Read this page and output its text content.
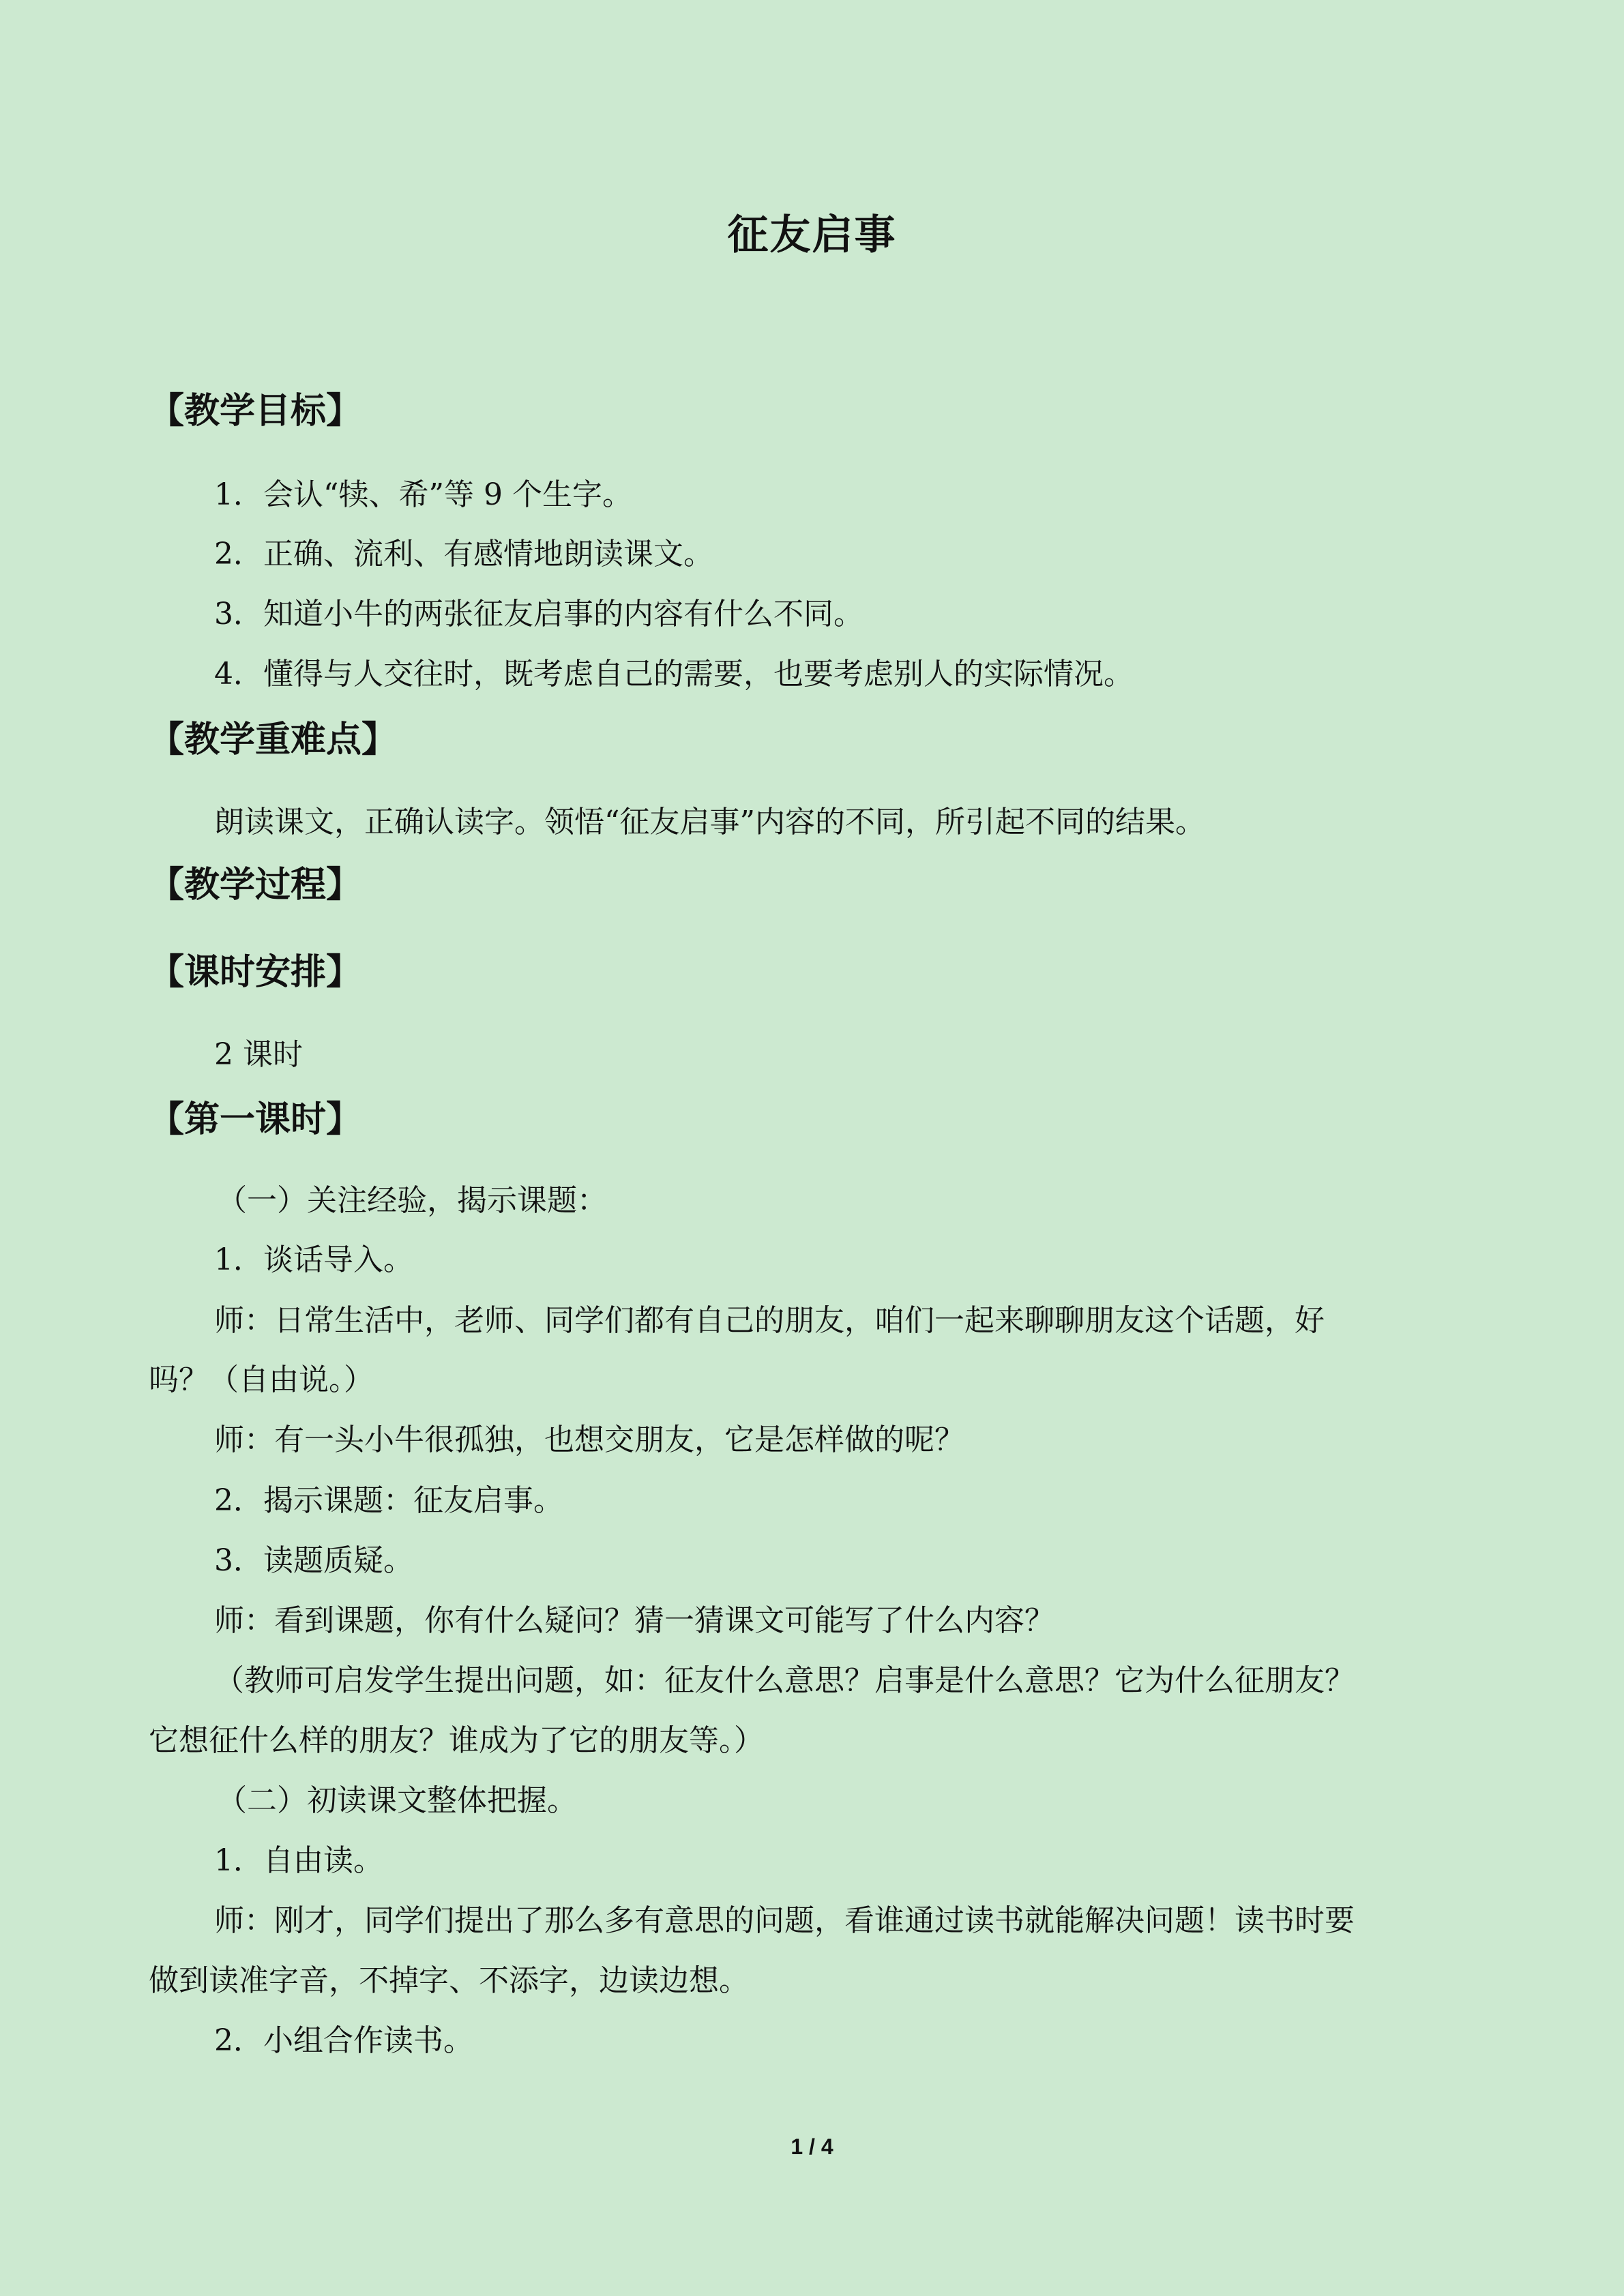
征友启事
【教学目标】
1．会认“犊、希”等 9 个生字。
2．正确、流利、有感情地朗读课文。
3．知道小牛的两张征友启事的内容有什么不同。
4．懂得与人交往时，既考虑自己的需要，也要考虑别人的实际情况。
【教学重难点】
朗读课文，正确认读字。领悟“征友启事”内容的不同，所引起不同的结果。
【教学过程】
【课时安排】
2 课时
【第一课时】
（一）关注经验，揭示课题：
1．谈话导入。
师：日常生活中，老师、同学们都有自己的朋友，咱们一起来聊聊朋友这个话题，好
吗？（自由说。）
师：有一头小牛很孤独，也想交朋友，它是怎样做的呢？
2．揭示课题：征友启事。
3．读题质疑。
师：看到课题，你有什么疑问？猜一猜课文可能写了什么内容？
（教师可启发学生提出问题，如：征友什么意思？启事是什么意思？它为什么征朋友？
它想征什么样的朋友？谁成为了它的朋友等。）
（二）初读课文整体把握。
1．自由读。
师：刚才，同学们提出了那么多有意思的问题，看谁通过读书就能解决问题！读书时要
做到读准字音，不掉字、不添字，边读边想。
2．小组合作读书。
1 / 4
